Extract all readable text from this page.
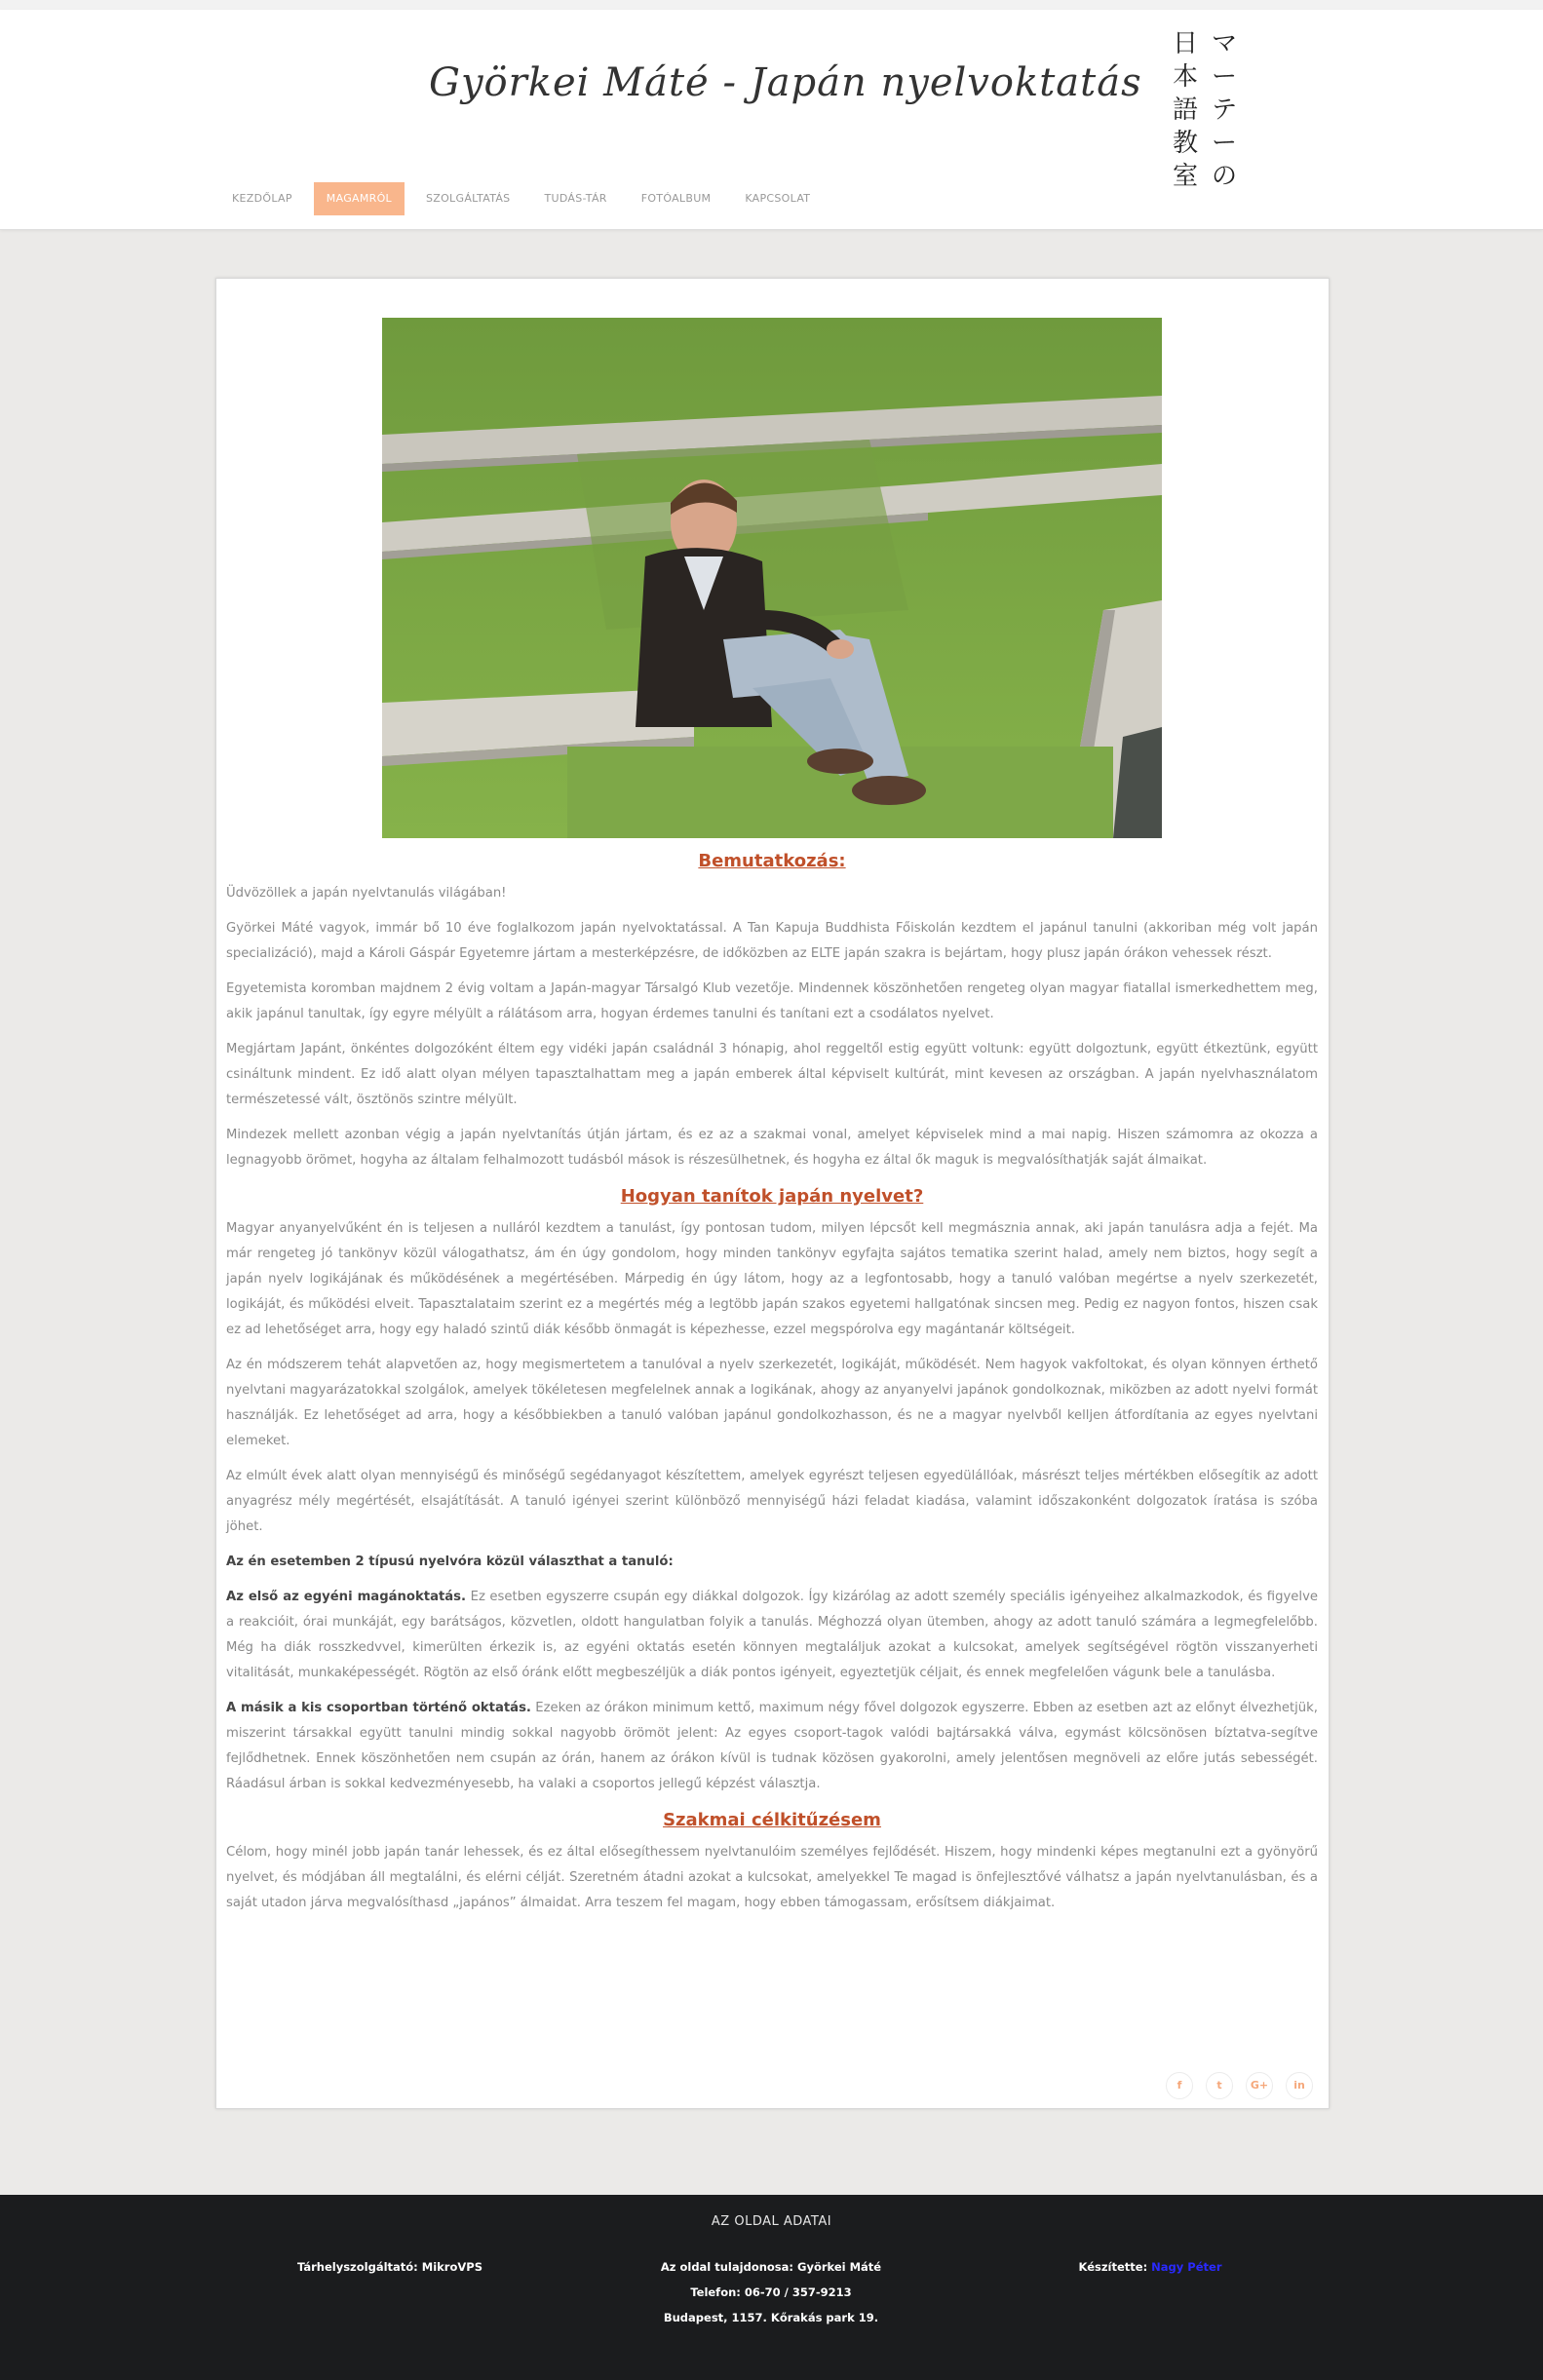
Györkei Máté - Japán nyelvoktatás
日
本
語
教
室
マ
ー
テ
ー
の
KEZDŐLAP	MAGAMRÓL	SZOLGÁLTATÁS	TUDÁS-TÁR	FOTÓALBUM	KAPCSOLAT
Bemutatkozás:

Üdvözöllek a japán nyelvtanulás világában!

Györkei Máté vagyok, immár bő 10 éve foglalkozom japán nyelvoktatással. A Tan Kapuja Buddhista Főiskolán kezdtem el japánul tanulni (akkoriban még volt japán specializáció), majd a Károli Gáspár Egyetemre jártam a mesterképzésre, de időközben az ELTE japán szakra is bejártam, hogy plusz japán órákon vehessek részt.

Egyetemista koromban majdnem 2 évig voltam a Japán-magyar Társalgó Klub vezetője. Mindennek köszönhetően rengeteg olyan magyar fiatallal ismerkedhettem meg, akik japánul tanultak, így egyre mélyült a rálátásom arra, hogyan érdemes tanulni és tanítani ezt a csodálatos nyelvet.

Megjártam Japánt, önkéntes dolgozóként éltem egy vidéki japán családnál 3 hónapig, ahol reggeltől estig együtt voltunk: együtt dolgoztunk, együtt étkeztünk, együtt csináltunk mindent. Ez idő alatt olyan mélyen tapasztalhattam meg a japán emberek által képviselt kultúrát, mint kevesen az országban. A japán nyelvhasználatom természetessé vált, ösztönös szintre mélyült.

Mindezek mellett azonban végig a japán nyelvtanítás útján jártam, és ez az a szakmai vonal, amelyet képviselek mind a mai napig. Hiszen számomra az okozza a legnagyobb örömet, hogyha az általam felhalmozott tudásból mások is részesülhetnek, és hogyha ez által ők maguk is megvalósíthatják saját álmaikat.

Hogyan tanítok japán nyelvet?

Magyar anyanyelvűként én is teljesen a nulláról kezdtem a tanulást, így pontosan tudom, milyen lépcsőt kell megmásznia annak, aki japán tanulásra adja a fejét. Ma már rengeteg jó tankönyv közül válogathatsz, ám én úgy gondolom, hogy minden tankönyv egyfajta sajátos tematika szerint halad, amely nem biztos, hogy segít a japán nyelv logikájának és működésének a megértésében. Márpedig én úgy látom, hogy az a legfontosabb, hogy a tanuló valóban megértse a nyelv szerkezetét, logikáját, és működési elveit. Tapasztalataim szerint ez a megértés még a legtöbb japán szakos egyetemi hallgatónak sincsen meg. Pedig ez nagyon fontos, hiszen csak ez ad lehetőséget arra, hogy egy haladó szintű diák később önmagát is képezhesse, ezzel megspórolva egy magántanár költségeit.

Az én módszerem tehát alapvetően az, hogy megismertetem a tanulóval a nyelv szerkezetét, logikáját, működését. Nem hagyok vakfoltokat, és olyan könnyen érthető nyelvtani magyarázatokkal szolgálok, amelyek tökéletesen megfelelnek annak a logikának, ahogy az anyanyelvi japánok gondolkoznak, miközben az adott nyelvi formát használják. Ez lehetőséget ad arra, hogy a későbbiekben a tanuló valóban japánul gondolkozhasson, és ne a magyar nyelvből kelljen átfordítania az egyes nyelvtani elemeket.

Az elmúlt évek alatt olyan mennyiségű és minőségű segédanyagot készítettem, amelyek egyrészt teljesen egyedülállóak, másrészt teljes mértékben elősegítik az adott anyagrész mély megértését, elsajátítását. A tanuló igényei szerint különböző mennyiségű házi feladat kiadása, valamint időszakonként dolgozatok íratása is szóba jöhet.

Az én esetemben 2 típusú nyelvóra közül választhat a tanuló:

Az első az egyéni magánoktatás. Ez esetben egyszerre csupán egy diákkal dolgozok. Így kizárólag az adott személy speciális igényeihez alkalmazkodok, és figyelve a reakcióit, órai munkáját, egy barátságos, közvetlen, oldott hangulatban folyik a tanulás. Méghozzá olyan ütemben, ahogy az adott tanuló számára a legmegfelelőbb. Még ha diák rosszkedvvel, kimerülten érkezik is, az egyéni oktatás esetén könnyen megtaláljuk azokat a kulcsokat, amelyek segítségével rögtön visszanyerheti vitalitását, munkaképességét. Rögtön az első óránk előtt megbeszéljük a diák pontos igényeit, egyeztetjük céljait, és ennek megfelelően vágunk bele a tanulásba.

A másik a kis csoportban történő oktatás. Ezeken az órákon minimum kettő, maximum négy fővel dolgozok egyszerre. Ebben az esetben azt az előnyt élvezhetjük, miszerint társakkal együtt tanulni mindig sokkal nagyobb örömöt jelent: Az egyes csoport-tagok valódi bajtársakká válva, egymást kölcsönösen bíztatva-segítve fejlődhetnek. Ennek köszönhetően nem csupán az órán, hanem az órákon kívül is tudnak közösen gyakorolni, amely jelentősen megnöveli az előre jutás sebességét. Ráadásul árban is sokkal kedvezményesebb, ha valaki a csoportos jellegű képzést választja.

Szakmai célkitűzésem

Célom, hogy minél jobb japán tanár lehessek, és ez által elősegíthessem nyelvtanulóim személyes fejlődését. Hiszem, hogy mindenki képes megtanulni ezt a gyönyörű nyelvet, és módjában áll megtalálni, és elérni célját. Szeretném átadni azokat a kulcsokat, amelyekkel Te magad is önfejlesztővé válhatsz a japán nyelvtanulásban, és a saját utadon járva megvalósíthasd „japános” álmaidat. Arra teszem fel magam, hogy ebben támogassam, erősítsem diákjaimat.

f	t	G+	in
AZ OLDAL ADATAI
Tárhelyszolgáltató: MikroVPS	Az oldal tulajdonosa: Györkei Máté
Telefon: 06-70 / 357-9213
Budapest, 1157. Kőrakás park 19.
Készítette: Nagy Péter
